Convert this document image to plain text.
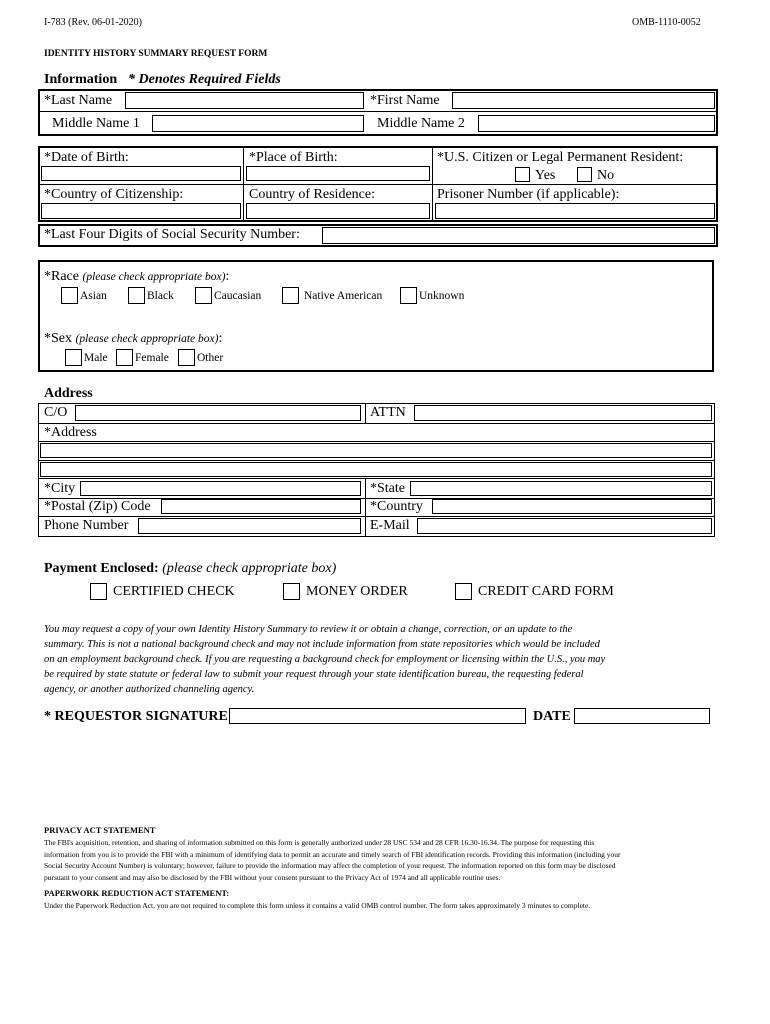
I-783 (Rev. 06-01-2020)	OMB-1110-0052
IDENTITY HISTORY SUMMARY REQUEST FORM
Information * Denotes Required Fields
*Last Name	*First Name
Middle Name 1	Middle Name 2
*Date of Birth:	*Place of Birth:	*U.S. Citizen or Legal Permanent Resident:
Yes	No
*Country of Citizenship:	Country of Residence:	Prisoner Number (if applicable):
*Last Four Digits of Social Security Number:
*Race (please check appropriate box):
Asian	Black	Caucasian	Native American	Unknown
*Sex (please check appropriate box):
Male Female Other
Address
C/O	ATTN
*Address
*City	*State
*Postal (Zip) Code	*Country
Phone Number	E-Mail
Payment Enclosed: (please check appropriate box)
CERTIFIED CHECK	MONEY ORDER	CREDIT CARD FORM
You may request a copy of your own Identity History Summary to review it or obtain a change, correction, or an update to the
summary. This is not a national background check and may not include information from state repositories which would be included
on an employment background check. If you are requesting a background check for employment or licensing within the U.S., you may
be required by state statute or federal law to submit your request through your state identification bureau, the requesting federal
agency, or another authorized channeling agency.
* REQUESTOR SIGNATURE	DATE
PRIVACY ACT STATEMENT
The FBI's acquisition, retention, and sharing of information submitted on this form is generally authorized under 28 USC 534 and 28 CFR 16.30-16.34. The purpose for requesting this
information from you is to provide the FBI with a minimum of identifying data to permit an accurate and timely search of FBI identification records. Providing this information (including your
Social Security Account Number) is voluntary; however, failure to provide the information may affect the completion of your request. The information reported on this form may be disclosed
pursuant to your consent and may also be disclosed by the FBI without your consent pursuant to the Privacy Act of 1974 and all applicable routine uses.
PAPERWORK REDUCTION ACT STATEMENT:
Under the Paperwork Reduction Act, you are not required to complete this form unless it contains a valid OMB control number. The form takes approximately 3 minutes to complete.
